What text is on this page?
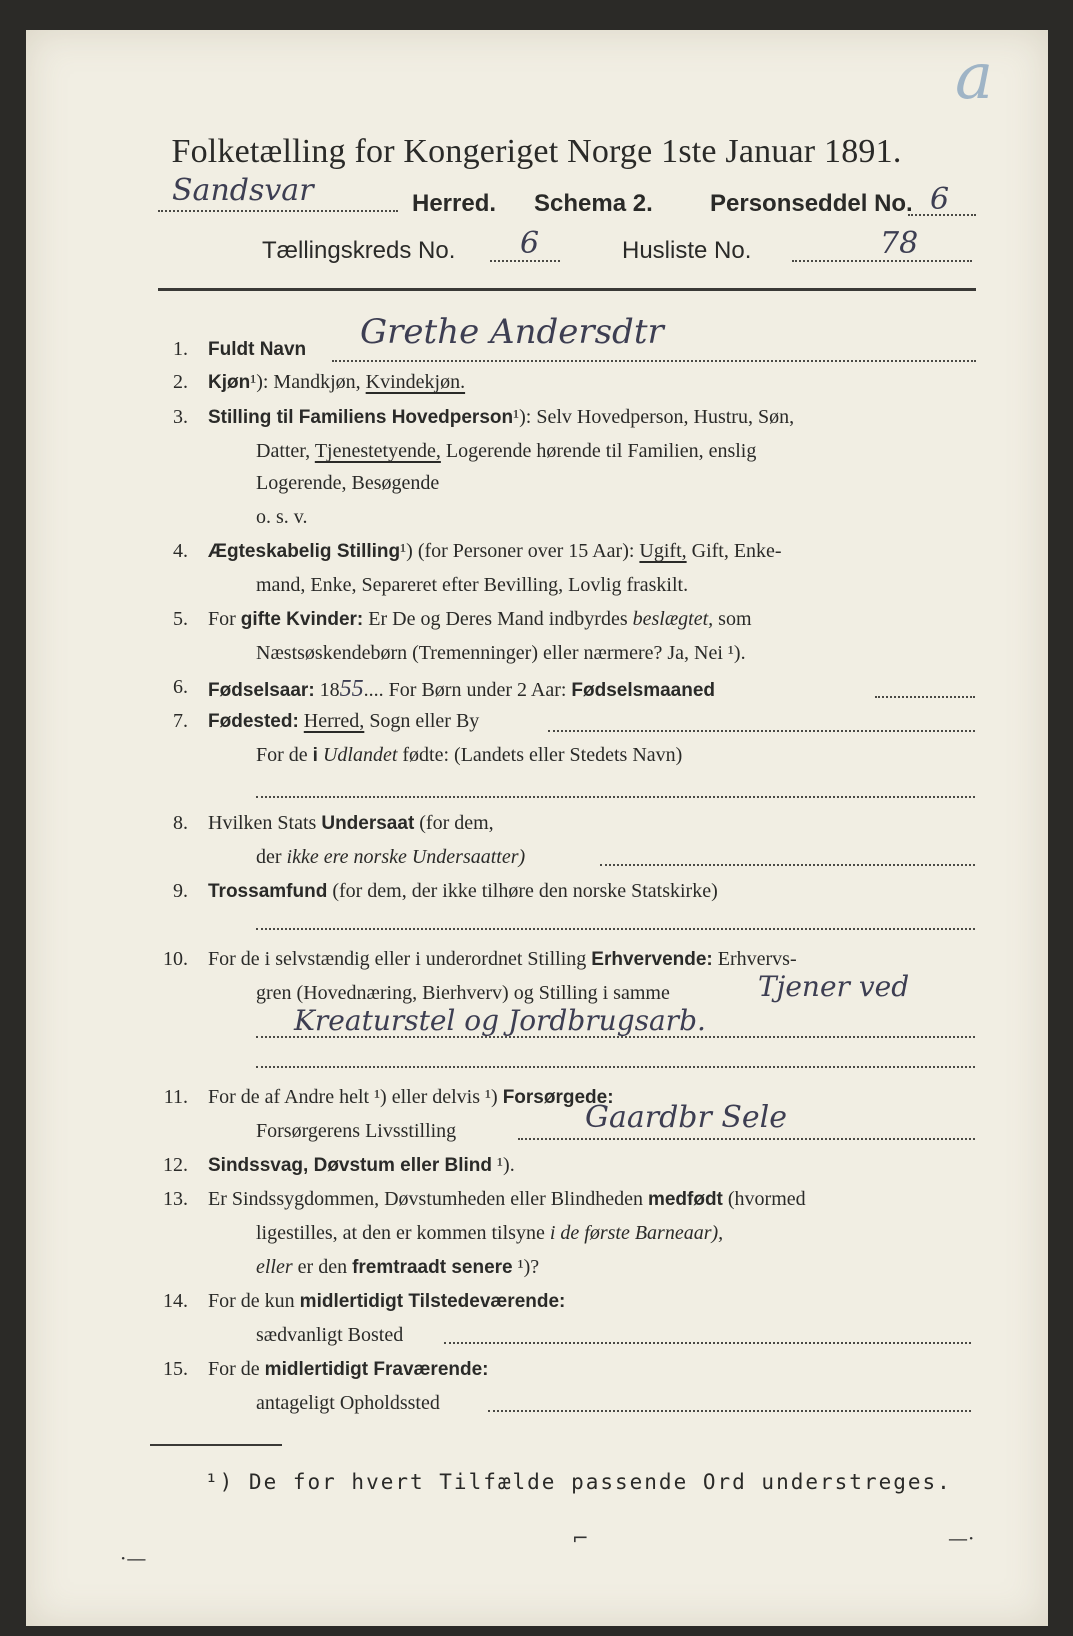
a
Folketælling for Kongeriget Norge 1ste Januar 1891.
Sandsvar	Herred. Schema 2. Personseddel No. 6
Tællingskreds No. 6	Husliste No.	78
1. Fuldt Navn Grethe Andersdtr
2. Kjøn¹): Mandkjøn, Kvindekjøn.
3. Stilling til Familiens Hovedperson¹): Selv Hovedperson, Hustru, Søn,
Datter, Tjenestetyende, Logerende hørende til Familien, enslig
Logerende, Besøgende
o. s. v.
4. Ægteskabelig Stilling¹) (for Personer over 15 Aar): Ugift, Gift, Enke-
mand, Enke, Separeret efter Bevilling, Lovlig fraskilt.
5. For gifte Kvinder: Er De og Deres Mand indbyrdes beslægtet, som
Næstsøskendebørn (Tremenninger) eller nærmere? Ja, Nei ¹).
6. Fødselsaar: 1855.... For Børn under 2 Aar: Fødselsmaaned
7. Fødested: Herred, Sogn eller By
For de i Udlandet fødte: (Landets eller Stedets Navn)
8. Hvilken Stats Undersaat (for dem,
der ikke ere norske Undersaatter)
9. Trossamfund (for dem, der ikke tilhøre den norske Statskirke)
10. For de i selvstændig eller i underordnet Stilling Erhvervende: Erhvervs-
gren (Hovednæring, Bierhverv) og Stilling i samme	Tjener ved
Kreaturstel og Jordbrugsarb.
11. For de af Andre helt ¹) eller delvis ¹) Forsørgede:
Forsørgerens Livsstilling	Gaardbr Sele
12. Sindssvag, Døvstum eller Blind ¹).
13. Er Sindssygdommen, Døvstumheden eller Blindheden medfødt (hvormed
ligestilles, at den er kommen tilsyne i de første Barneaar),
eller er den fremtraadt senere ¹)?
14. For de kun midlertidigt Tilstedeværende:
sædvanligt Bosted
15. For de midlertidigt Fraværende:
antageligt Opholdssted
¹) De for hvert Tilfælde passende Ord understreges.
·—
⌐	—·
